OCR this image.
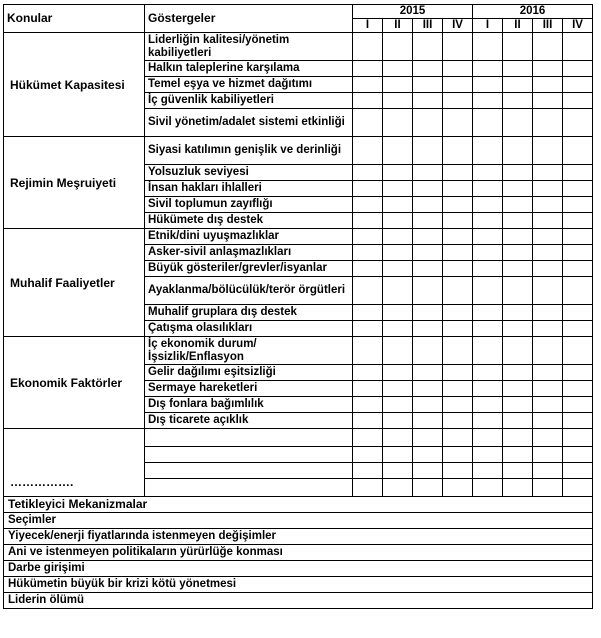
Konular	Göstergeler	2015				2016			
		I	II	III	IV	I	II	III	IV
Hükümet Kapasitesi	Liderliğin kalitesi/yönetim kabiliyetleri								
	Halkın taleplerine karşılama								
	Temel eşya ve hizmet dağıtımı								
	İç güvenlik kabiliyetleri								
	Sivil yönetim/adalet sistemi etkinliği								
Rejimin Meşruiyeti	Siyasi katılımın genişlik ve derinliği								
	Yolsuzluk seviyesi								
	İnsan hakları ihlalleri								
	Sivil toplumun zayıflığı								
	Hükümete dış destek								
Muhalif Faaliyetler	Etnik/dini uyuşmazlıklar								
	Asker-sivil anlaşmazlıkları								
	Büyük gösteriler/grevler/isyanlar								
	Ayaklanma/bölücülük/terör örgütleri								
	Muhalif gruplara dış destek								
	Çatışma olasılıkları								
Ekonomik Faktörler	İç ekonomik durum/İşsizlik/Enflasyon								
	Gelir dağılımı eşitsizliği								
	Sermaye hareketleri								
	Dış fonlara bağımlılık								
	Dış ticarete açıklık								
…………….									

Tetikleyici Mekanizmalar									
Seçimler									
Yiyecek/enerji fiyatlarında istenmeyen değişimler									
Ani ve istenmeyen politikaların yürürlüğe konması									
Darbe girişimi									
Hükümetin büyük bir krizi kötü yönetmesi									
Liderin ölümü									
